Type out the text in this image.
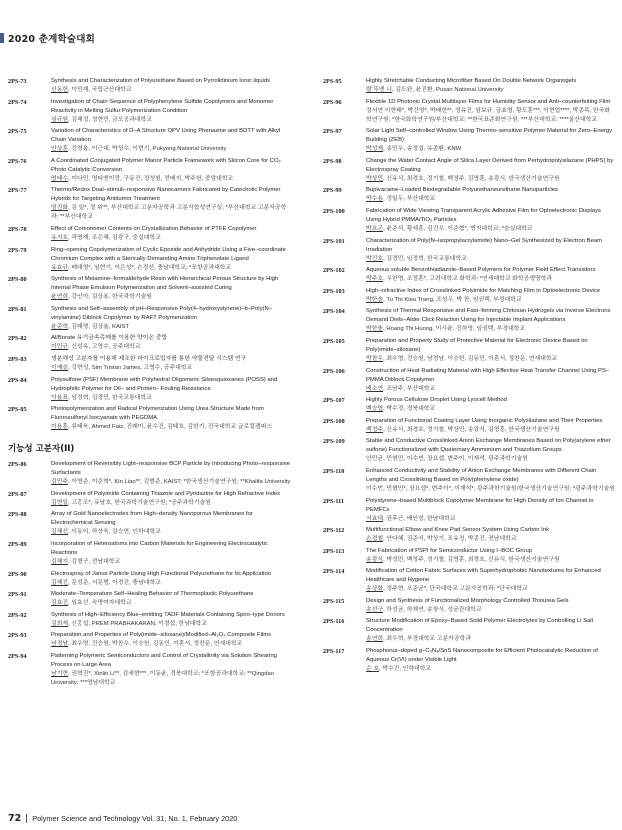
2020 춘계학술대회
2PS-73	Synthesis and Characterization of Polyurethane Based on Pyrrolidinium Ionic liquids
신동헌, 이민재, 국립군산대학교
2PS-74	Investigation of Chain Sequence of Polyphenylene Sulfide Copolymers and Monomer Reactivity in Melting Sulfur Polymerization Condition
심규원, 김혜정, 정현민, 금오공과대학교
2PS-75	Variation of Characteristics of D–A Structure OPV Using Phenazine and BDTT with Alkyl Chain Variation
안상훈, 진영용, 이근대, 박성수, 이현기, Pukyong National University
2PS-76	A Coordinated Conjugated Polymer Manor Particle Framework with Silicon Core for CO₂ Photo Catalytic Conversion
엄태수, 이다민, 명티엔이랑, 구동건, 정성원, 전배지, 박주헌, 중앙대학교
2PS-77	Thermo/Redox Dual–stimuli–responsive Nanocarriers Fabricated by Catecholic Polymer Hybrids for Targeting Antitumor Treatment
엄진화, 김 일*, 정 위**, 부산대학교 고분자공학과 고분자합성연구실; *부산대학교 고분자공학과; **부산대학교
2PS-78	Effect of Comonomer Contents on Crystallization Behavior of PTFE Copolymer
유지호, 곽명재, 조은혜, 김광구, 숭실대학교
2PS-79	Ring–opening Copolymerization of Cyclic Epoxide and Anhydride Using a Five–coordinate Chromium Complex with a Sterically Demanding Amino Triphenolate Ligand
유효규, 배대영*, 임현기, 이은성*, 손경선, 충남대학교; *포항공과대학교
2PS-80	Synthesis of Melamine–formaldehyde Resin with Hierarchical Porous Structure by High Internal Phase Emulsion Polymerization and Solvent–assisted Curing
윤연희, 강인아, 김상용, 한국과학기술원
2PS-81	Synthesis and Self–assembly of pH–Responsive Poly(4–hydroxystyrene)–b–Poly(N–vinylamine) Diblock Copolymer by RAFT Polymerization
윤준혁, 김태형, 김상율, KAIST
2PS-82	Al/Borate 유기금속촉매를 이용한 양이온 중합
이민규, 신성옥, 고영수, 공주대학교
2PS-83	생분해성 고분자를 이용해 제조한 마이크로입자를 통한 약물전달 시스템 연구
이예슬, 강현성, Sim Tristan James, 고영수, 공주대학교
2PS-84	Polysulfone (PSF) Membrane with Polyhedral Oligomeric Silsesquioxanes (POSS) and Hydrophilic Polymer for Oil– and Protein– Fouling Resistance
이용표, 임정혁, 김경민, 한국교통대학교
2PS-85	Photopolymerization and Radical Polymerization Using Urea Structure Made from Fluorosulfonyl Isocyanate with PEGDMA
이용훈, 류태욱, Ahmed Faiz, 진래미, 윤수진, 김태호, 김한기, 건국대학교 글로컬캠퍼스
기능성 고분자(II)
2PS-86	Development of Reversibly Light–responsive BCP Particle by Introducing Photo–responsive Surfactants
김민주, 이영준, 이준혁*, Kin Liao**, 김범준, KAIST; *한국생산기술연구원; **Khalifa University
2PS-87	Development of Polyimide Containing Thiazole and Pyridazine for High Refractive Index
김현일, 고홍조*, 유남호, 한국과학기술연구원; *공주과학기술원
2PS-88	Array of Gold Nanoelectrodes from High–density Nanoporous Membranes for Electrochemical Sensing
김혜선, 이동익, 하상욱, 김승현, 인하대학교
2PS-89	Incorporation of Heteroatoms into Carbon Materials for Engineering Electrocatalytic Reactions
김혜지, 김형구, 전남대학교
2PS-90	Electrospray of Janus Particle Using High Functional Polyurethane for Its Application
김혜진, 문성준, 서문범, 이경진, 충남대학교
2PS-91	Moderate–Temperature Self–Healing Behavior of Thermoplastic Polyurethane
김효진, 임효선, 숙명여자대학교
2PS-92	Synthesis of High–Efficiency Blue–emitting TADF Materials Containing Spiro–type Donors
김희재, 신홍섭, PREM PRABHAKARAN, 이경섭, 한남대학교
2PS-93	Preparation and Properties of Poly(imide–siloxane)/Modified–Al₂O₃ Composite Films
남경남, 최우영, 진승원, 박찬우, 이승헌, 김동민, 이혼서, 정찬문, 연세대학교
2PS-94	Patterning Polymeric Semiconductors and Control of Crystallinity via Solution Shearing Process on Large Area
남기현, 권혁진*, Xinlin Li**, 김세현***, 이동윤, 경북대학교; *포항공과대학교; **Qingdao University; ***영남대학교
2PS-95	Highly Stretchable Conducting Microfiber Based On Double Network Organogels
람 뚜엔 니, 김도완, 윤진환, Pusan National University
2PS-96	Flexible 1D Photonic Crystal Multilayer Films for Humidity Sensor and Anti–counterfeiting Film
정서연 이현태*, 박진영*, 박배현**, 정유진, 임보규, 금효영, 황도훈***, 이현업****, 박종목, 한국화학연구원; *한국화학연구원/부산대학교; **한국표준화연구원; ***부산대학교; ****울산대학교
2PS-97	Solar Light Self–controlled Window Using Thermo–sensitive Polymer Material for Zero–Energy Building (ZEB)
박성재, 송민우, 송정섭, 유종환, KNW
2PS-98	Change the Water Contact Angle of Silica Layer Derived from Perhydropolysilazane (PHPS) by Electrospray Coating
박상민, 신유식, 최경호, 정기철, 백정주, 김영훈, 송광식, 한국생산기술연구원
2PS-99	Bupivacaine–Loaded Biodegradable Polyurethaneurethane Nanoparticles
박수용, 정일두, 부산대학교
2PS-100	Fabrication of Wide Viewing Transparent Acrylic Adhesive Film for Optoelectronic Displays Using Hybrid PMMA/TiO₂ Particles
박요곤, 윤준석, 황세훈, 김진우, 이준협*, 병지대학교; *숭실대학교
2PS-101	Characterization of Poly(N–isopropylacrylamide) Nano–Gel Synthesized by Electron Beam Irradiation
박진호, 김경민, 임정혁, 한국교통대학교
2PS-102	Aqueous soluble Benzothiadiazole–Based Polymers for Polymer Field Effect Transistors
박주호, 우한영, 조정훈*, 고려대학교 화학과; *연세대학교 화학공생명학과
2PS-103	High–refractive Index of Crosslinked Polyimide for Matching Film in Optoelectronic Device
박한솔, Tu Thi Kieu Trang, 조성우, 박 찬, 임권택, 부경대학교
2PS-104	Synthesis of Thermal Responsive and Fast–forming Chitosan Hydrogels via Inverse Electrons Demand Diels–Alder Click Reaction Using for Injectable Implant Applications
박한솔, Hoang Thi Huong, 이시윤, 진하영, 임권택, 부경대학교
2PS-105	Preparation and Property Study of Protective Material for Electronic Device Based on Poly(imide–siloxane)
박찬우, 최우영, 진승원, 남경남, 이승헌, 김동민, 이혼서, 정찬문, 연세대학교
2PS-106	Construction of Heat Radiating Material with High Effective Heat Transfer Channel Using PS–PMMA Diblock Copolymer
배소연, 조남주, 부산대학교
2PS-107	Highly Porous Cellulose Droplet Using Lyocell Method
백승엽, 박수정, 경북대학교
2PS-108	Preparation of Functional Coating Layer Using Inorganic Polysilazane and Their Properties
백정주, 신유식, 최경호, 정기철, 박상민, 송광식, 김영훈, 한국생산기술연구원
2PS-109	Stable and Conductive Crosslinked Anion Exchange Membranes Based on Poly(arylene ether sulfone) Functionalized with Quaternary Ammonium and Triazolium Groups
안민균, 민형민, 이수빈, 장요셉, 변주이, 이재석, 광주과학기술원
2PS-110	Enhanced Conductivity and Stability of Anion Exchange Membranes with Different Chain Lengths and Crosslinking Based on Poly(phenylene oxide)
이수빈, 민형민*, 장요셉*, 변주이*, 이재석*, 광주과학기술원/한국생산기술연구원; *광주과학기술원
2PS-111	Polystyrene–based Multiblock Copolymer Membrane for High Density of Ion Channel in PEMFCs
서효대, 권후근, 배인성, 한남대학교
2PS-112	Multifunctional Elbow and Knee Pad Sensor System Using Carbon Ink
손경철, 안다혜, 김준서, 박상기, 조유정, 박종진, 전남대학교
2PS-113	The Fabrication of PSPI for Semiconductor Using I–BOC Group
송광식, 박성민, 백정주, 정기철, 김영훈, 최경호, 신유식, 한국생산기술연구원
2PS-114	Modification of Cotton Fabric Surfaces with Superhydrophobic Nanotextures for Enhanced Healthcare and Hygiene
송상화, 정주현, 오준균*, 단국대학교 고분자공학과; *단국대학교
2PS-115	Design and Synthesis of Functionalized Morphology Controlled Thiourea Gels
송선구, 하성균, 하채연, 송창식, 성균관대학교
2PS-116	Structure Modification of Epoxy–Based Solid Polymer Electrolytes by Controlling Li Salt Concentration
송연희, 최우혁, 부경대학교 고분자공학과
2PS-117	Phosphorus–doped g–C₃N₄/SnS Nanocomposite for Efficient Photocatalytic Reduction of Aqueous Cr(VI) under Visible Light
순 호, 박수진, 인하대학교
72 Polymer Science and Technology Vol. 31, No. 1, February 2020
